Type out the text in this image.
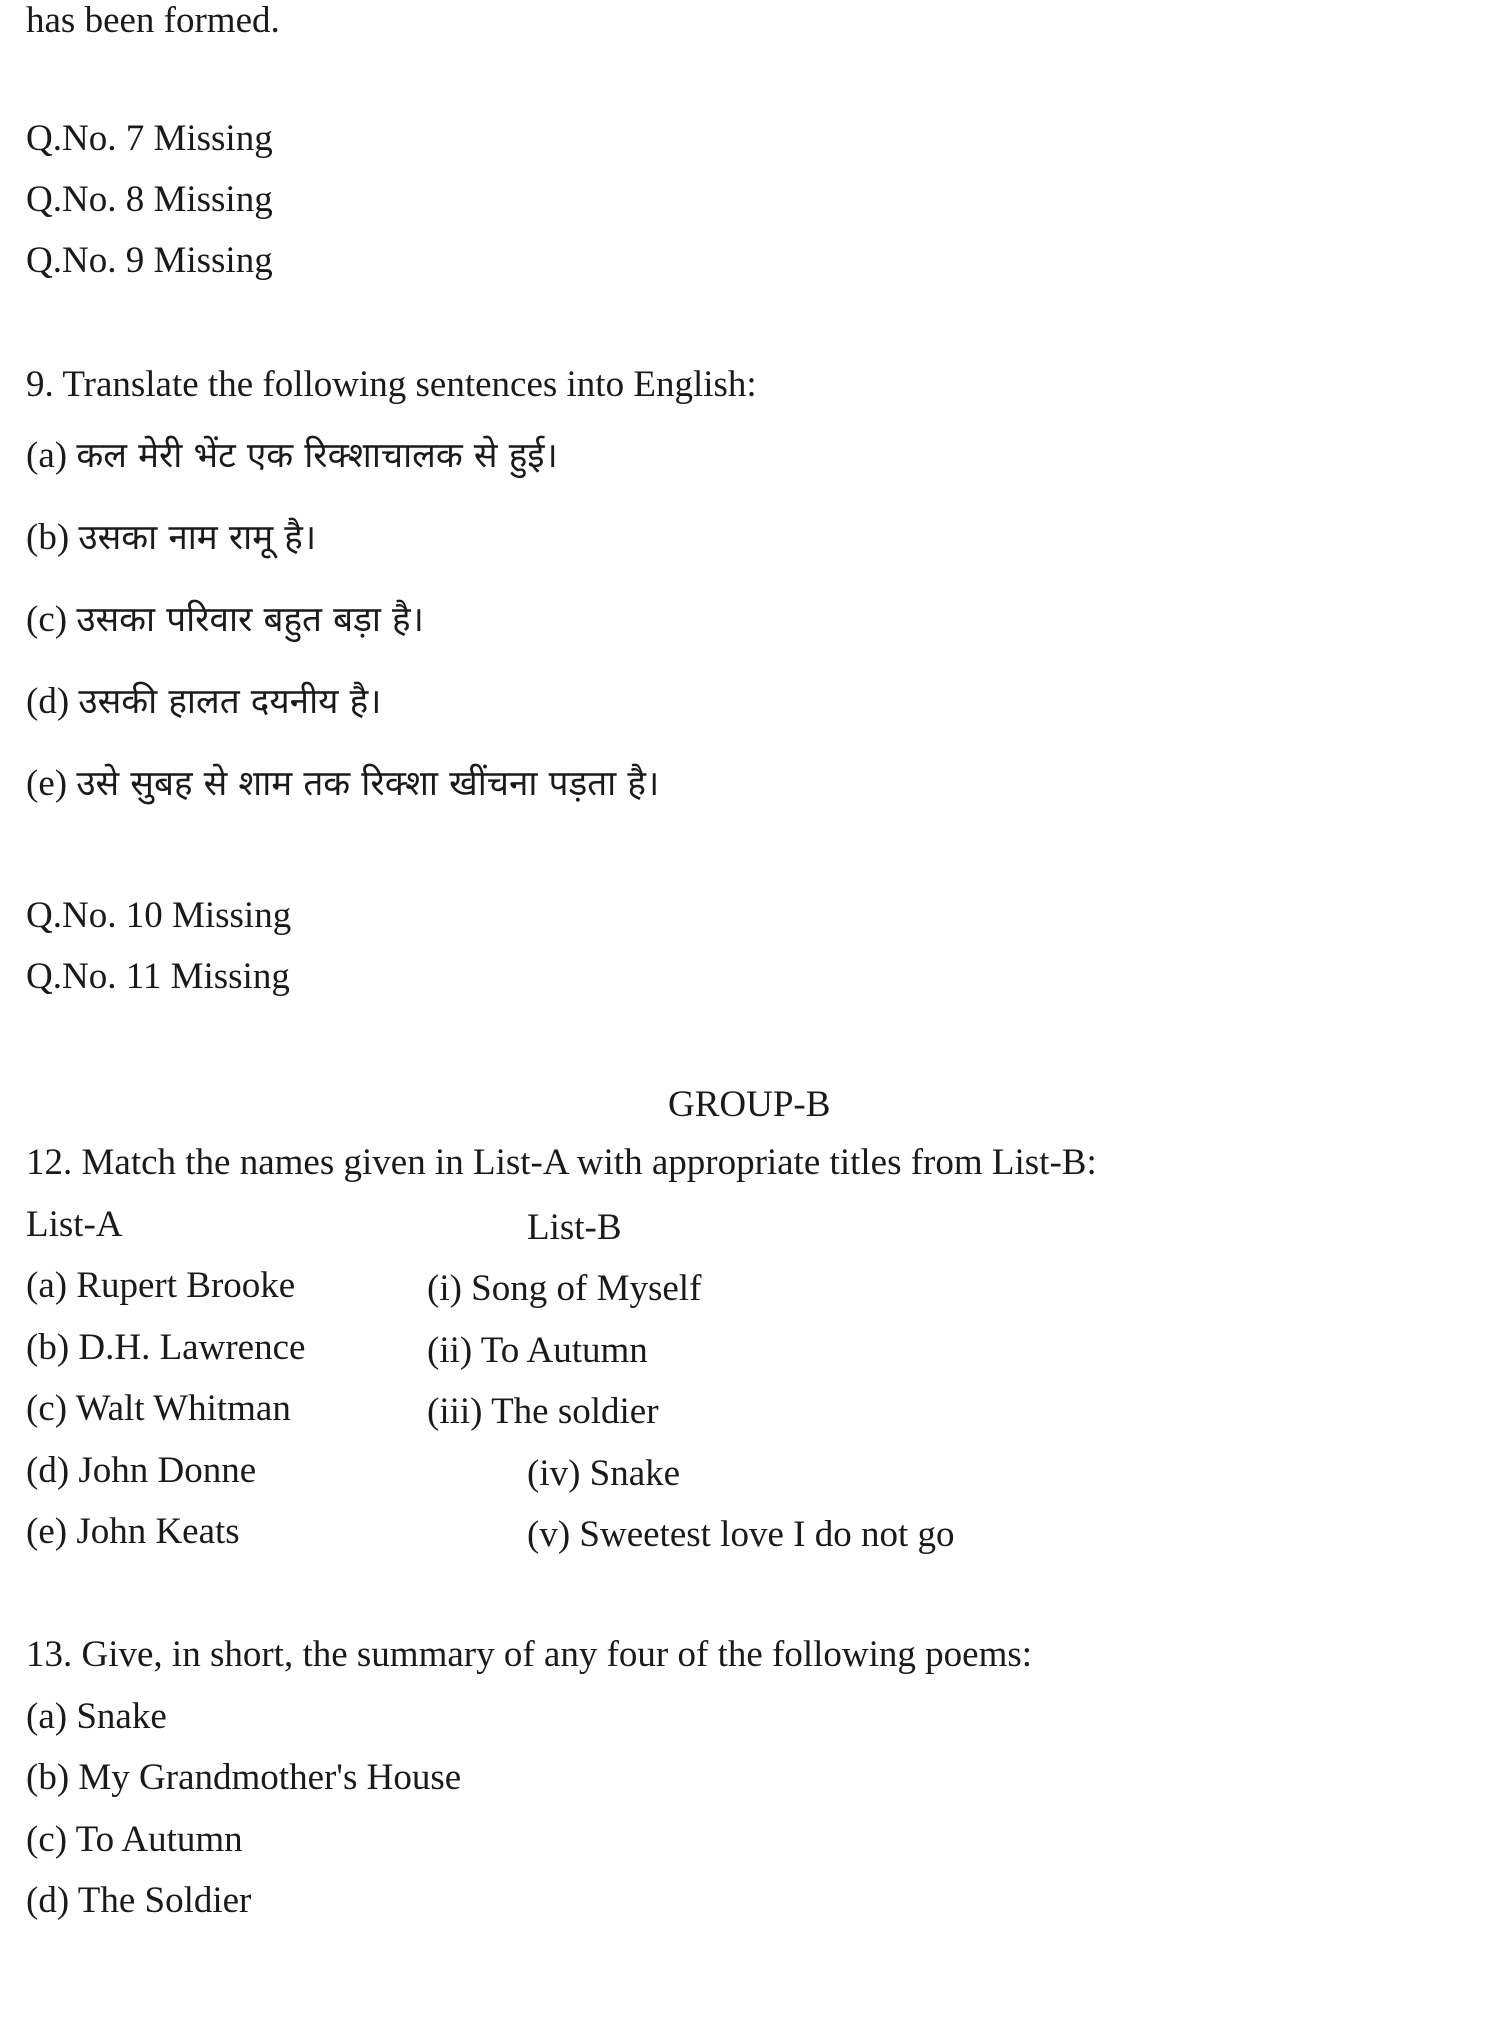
has been formed.
Q.No. 7 Missing
Q.No. 8 Missing
Q.No. 9 Missing
9. Translate the following sentences into English:
(a) कल मेरी भेंट एक रिक्शाचालक से हुई।
(b) उसका नाम रामू है।
(c) उसका परिवार बहुत बड़ा है।
(d) उसकी हालत दयनीय है।
(e) उसे सुबह से शाम तक रिक्शा खींचना पड़ता है।
Q.No. 10 Missing
Q.No. 11 Missing
GROUP-B
12. Match the names given in List-A with appropriate titles from List-B:
List-A	List-B
(a) Rupert Brooke	(i) Song of Myself
(b) D.H. Lawrence	(ii) To Autumn
(c) Walt Whitman	(iii) The soldier
(d) John Donne	(iv) Snake
(e) John Keats	(v) Sweetest love I do not go
13. Give, in short, the summary of any four of the following poems:
(a) Snake
(b) My Grandmother's House
(c) To Autumn
(d) The Soldier
